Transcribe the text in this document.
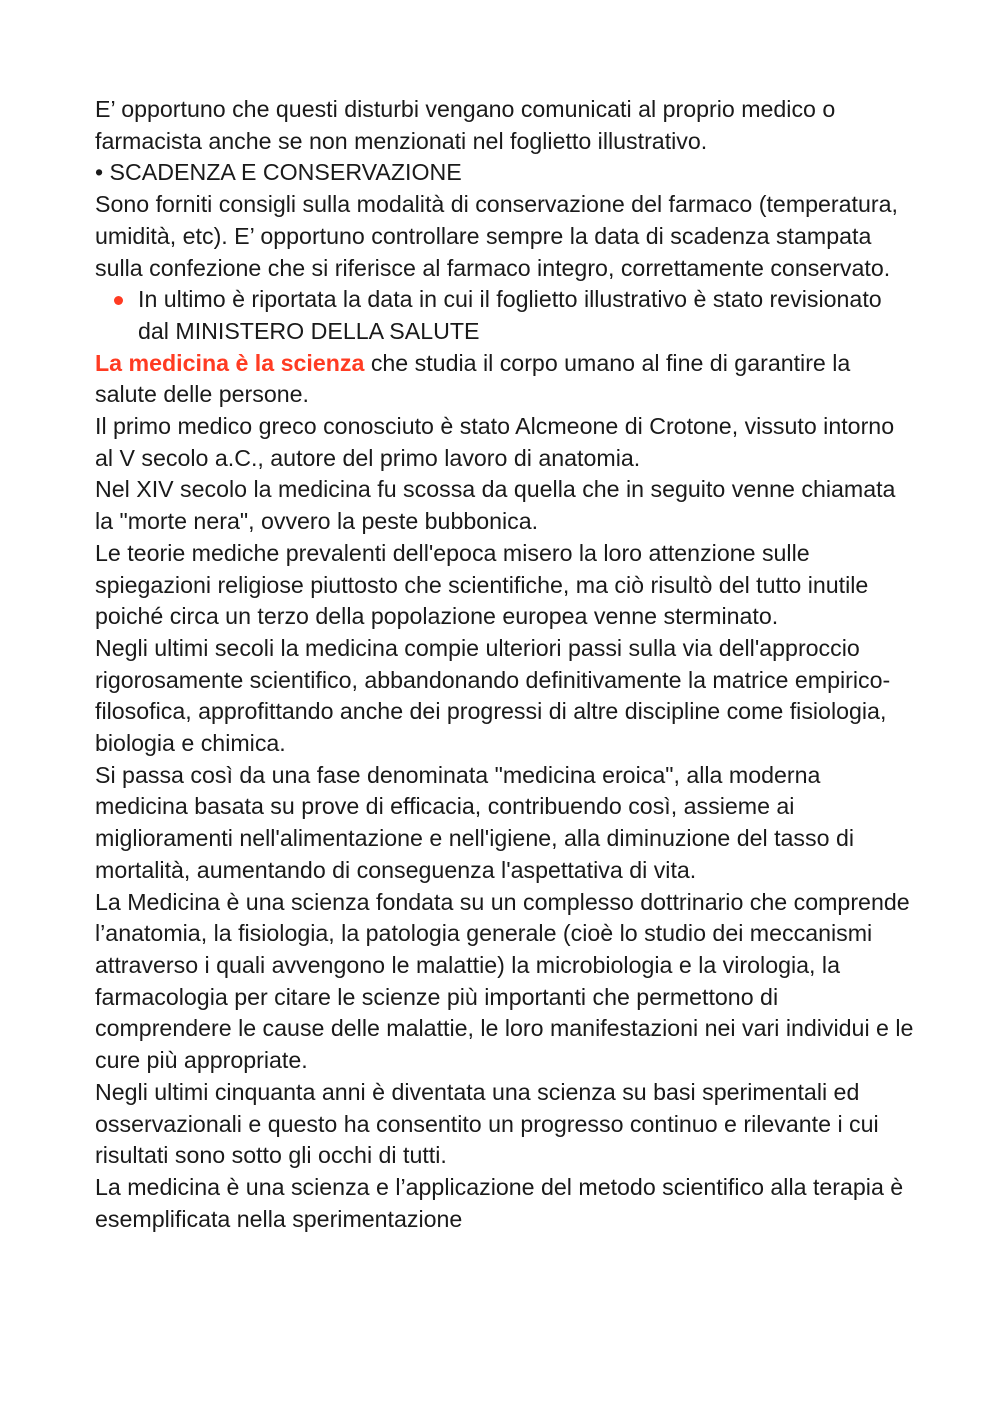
E’ opportuno che questi disturbi vengano comunicati al proprio medico o farmacista anche se non menzionati nel foglietto illustrativo.

• SCADENZA E CONSERVAZIONE

Sono forniti consigli sulla modalità di conservazione del farmaco (temperatura, umidità, etc). E’ opportuno controllare sempre la data di scadenza stampata sulla confezione che si riferisce al farmaco integro, correttamente conservato.

In ultimo è riportata la data in cui il foglietto illustrativo è stato revisionato dal MINISTERO DELLA SALUTE

La medicina è la scienza che studia il corpo umano al fine di garantire la salute delle persone.

Il primo medico greco conosciuto è stato Alcmeone di Crotone, vissuto intorno al V secolo a.C., autore del primo lavoro di anatomia.

Nel XIV secolo la medicina fu scossa da quella che in seguito venne chiamata la "morte nera", ovvero la peste bubbonica.

Le teorie mediche prevalenti dell'epoca misero la loro attenzione sulle spiegazioni religiose piuttosto che scientifiche, ma ciò risultò del tutto inutile poiché circa un terzo della popolazione europea venne sterminato.

Negli ultimi secoli la medicina compie ulteriori passi sulla via dell'approccio rigorosamente scientifico, abbandonando definitivamente la matrice empirico- filosofica, approfittando anche dei progressi di altre discipline come fisiologia, biologia e chimica.

Si passa così da una fase denominata "medicina eroica", alla moderna medicina basata su prove di efficacia, contribuendo così, assieme ai miglioramenti nell'alimentazione e nell'igiene, alla diminuzione del tasso di mortalità, aumentando di conseguenza l'aspettativa di vita.

La Medicina è una scienza fondata su un complesso dottrinario che comprende l’anatomia, la fisiologia, la patologia generale (cioè lo studio dei meccanismi attraverso i quali avvengono le malattie) la microbiologia e la virologia, la farmacologia per citare le scienze più importanti che permettono di comprendere le cause delle malattie, le loro manifestazioni nei vari individui e le cure più appropriate.

Negli ultimi cinquanta anni è diventata una scienza su basi sperimentali ed osservazionali e questo ha consentito un progresso continuo e rilevante i cui risultati sono sotto gli occhi di tutti.

La medicina è una scienza e l’applicazione del metodo scientifico alla terapia è esemplificata nella sperimentazione
